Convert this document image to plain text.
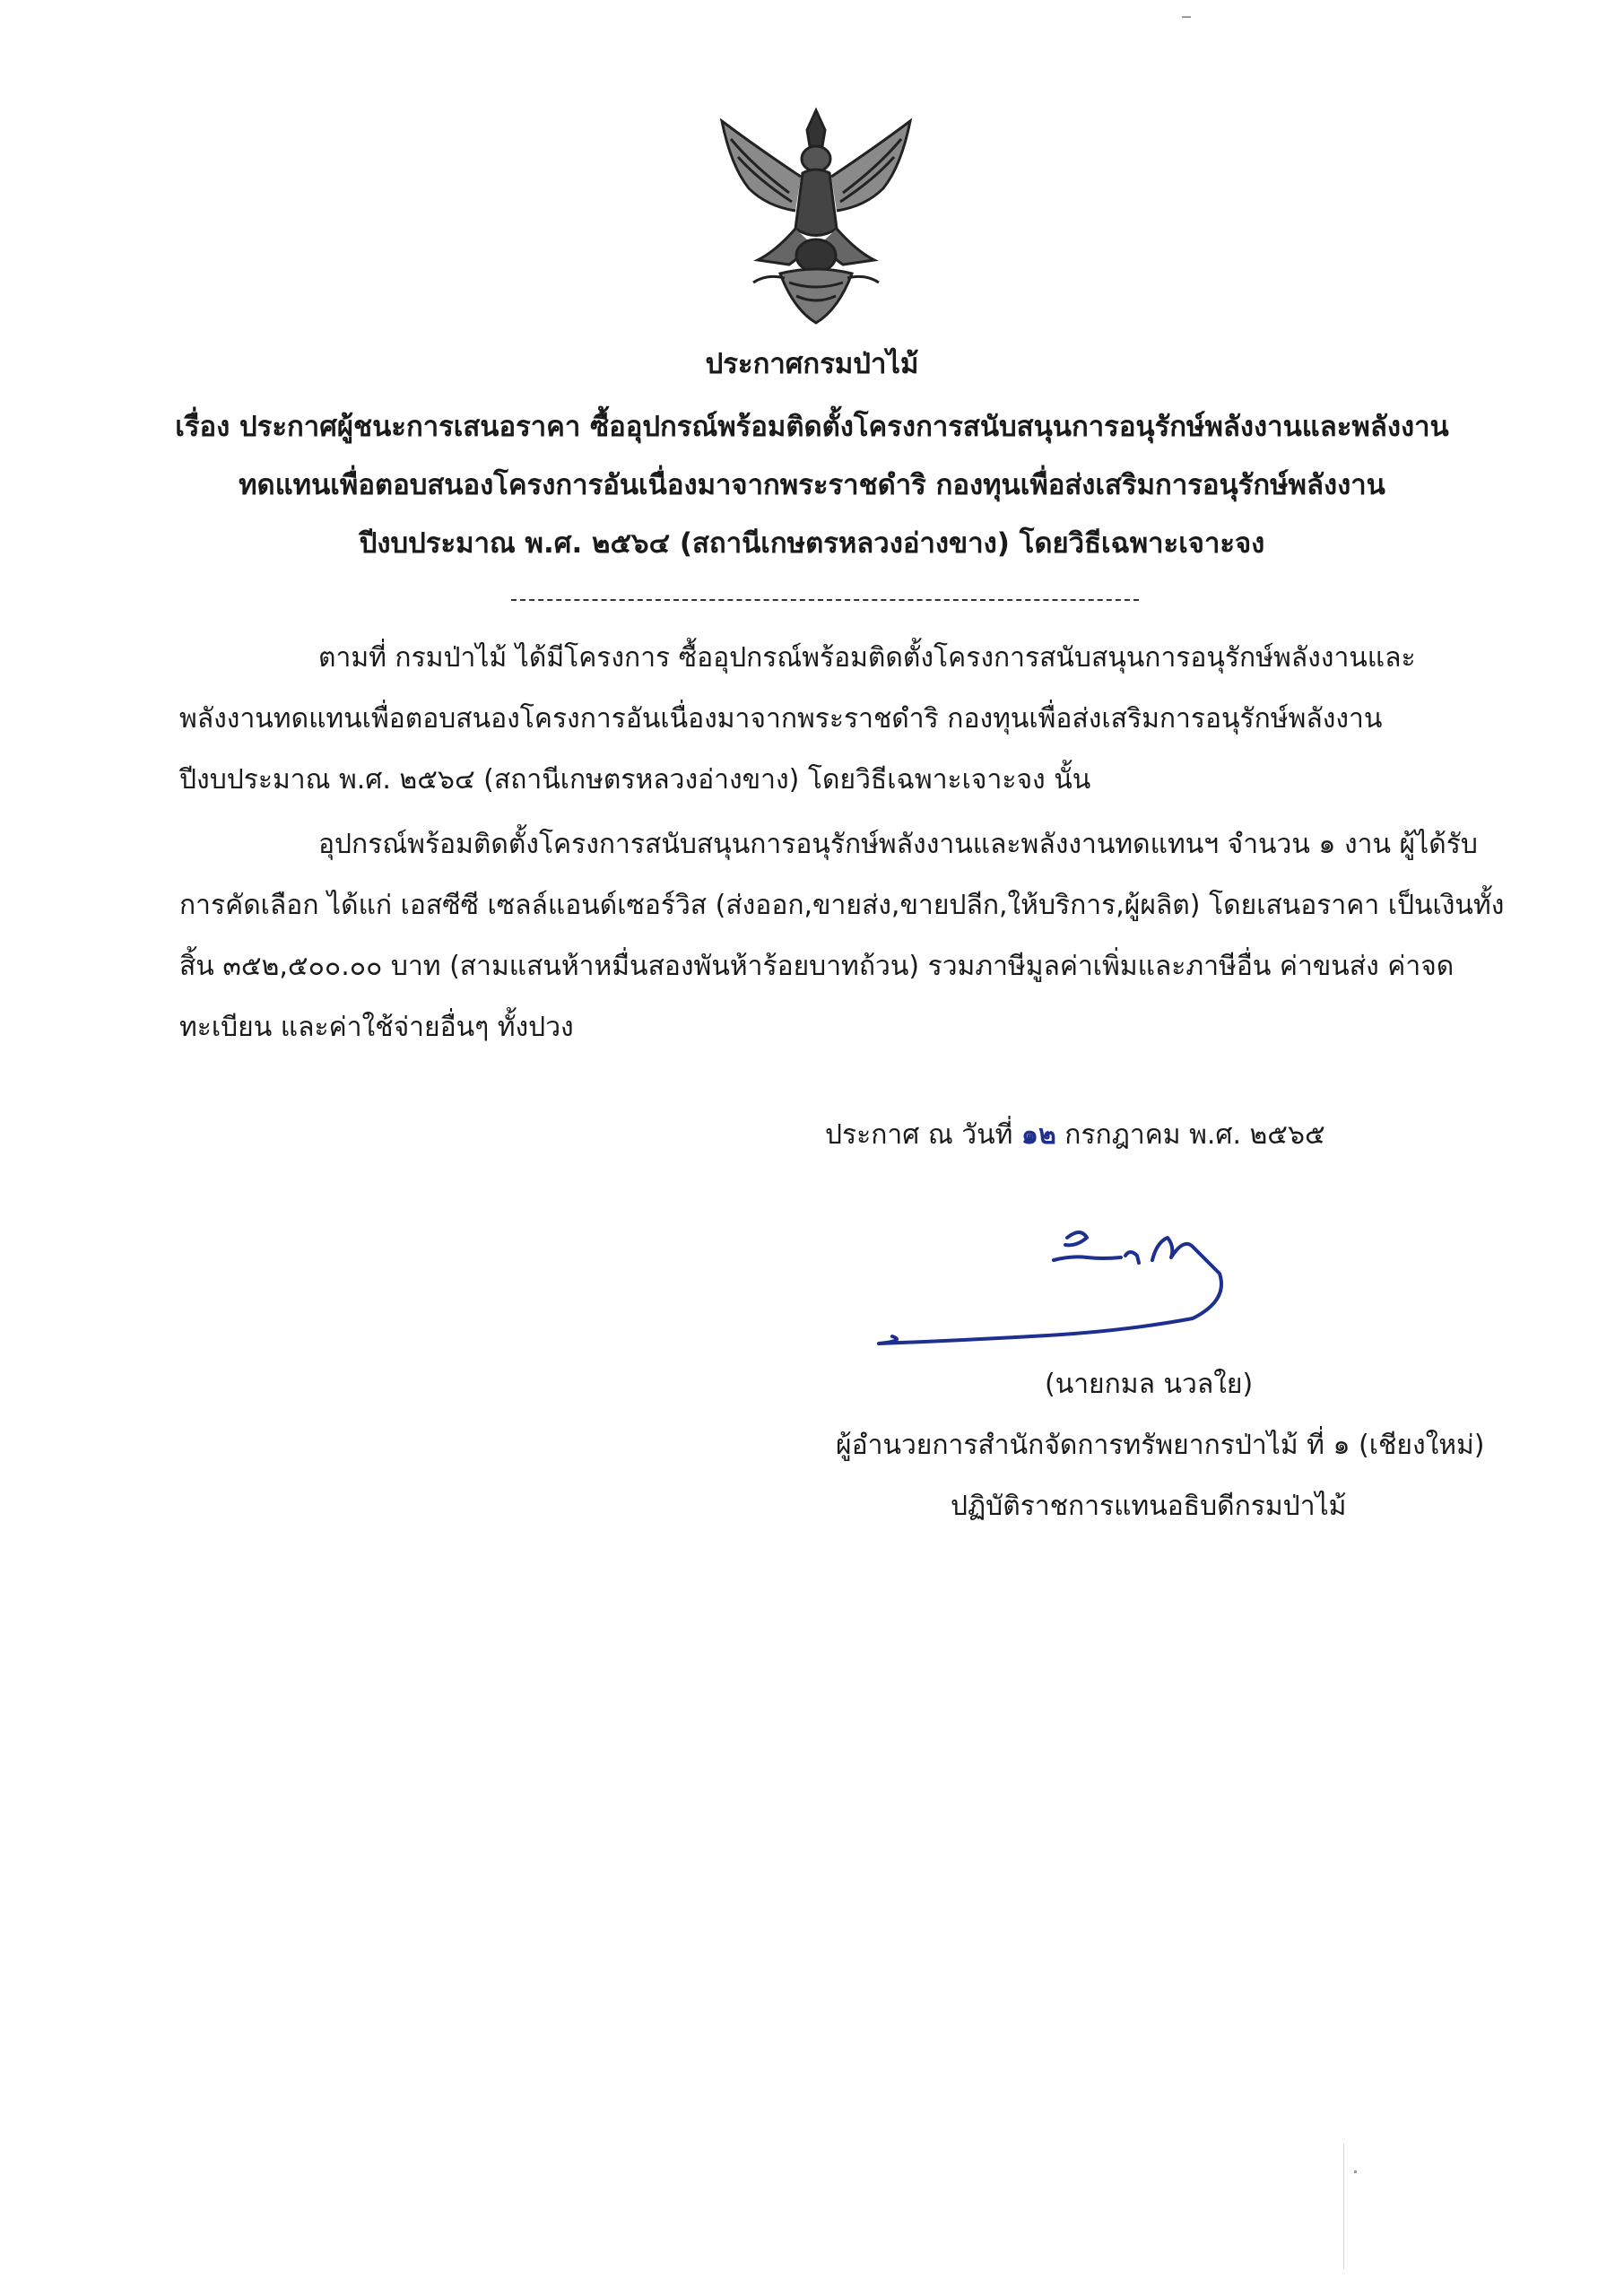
ประกาศกรมป่าไม้
เรื่อง ประกาศผู้ชนะการเสนอราคา ซื้ออุปกรณ์พร้อมติดตั้งโครงการสนับสนุนการอนุรักษ์พลังงานและพลังงาน
ทดแทนเพื่อตอบสนองโครงการอันเนื่องมาจากพระราชดำริ กองทุนเพื่อส่งเสริมการอนุรักษ์พลังงาน
ปีงบประมาณ พ.ศ. ๒๕๖๔ (สถานีเกษตรหลวงอ่างขาง) โดยวิธีเฉพาะเจาะจง
ตามที่ กรมป่าไม้ ได้มีโครงการ ซื้ออุปกรณ์พร้อมติดตั้งโครงการสนับสนุนการอนุรักษ์พลังงานและ
พลังงานทดแทนเพื่อตอบสนองโครงการอันเนื่องมาจากพระราชดำริ กองทุนเพื่อส่งเสริมการอนุรักษ์พลังงาน
ปีงบประมาณ พ.ศ. ๒๕๖๔ (สถานีเกษตรหลวงอ่างขาง) โดยวิธีเฉพาะเจาะจง นั้น
อุปกรณ์พร้อมติดตั้งโครงการสนับสนุนการอนุรักษ์พลังงานและพลังงานทดแทนฯ จำนวน ๑ งาน ผู้ได้รับ
การคัดเลือก ได้แก่ เอสซีซี เซลล์แอนด์เซอร์วิส (ส่งออก,ขายส่ง,ขายปลีก,ให้บริการ,ผู้ผลิต) โดยเสนอราคา เป็นเงินทั้ง
สิ้น ๓๕๒,๕๐๐.๐๐ บาท (สามแสนห้าหมื่นสองพันห้าร้อยบาทถ้วน) รวมภาษีมูลค่าเพิ่มและภาษีอื่น ค่าขนส่ง ค่าจด
ทะเบียน และค่าใช้จ่ายอื่นๆ ทั้งปวง
ประกาศ ณ วันที่ ๑๒ กรกฎาคม พ.ศ. ๒๕๖๕
(นายกมล นวลใย)
ผู้อำนวยการสำนักจัดการทรัพยากรป่าไม้ ที่ ๑ (เชียงใหม่)
ปฏิบัติราชการแทนอธิบดีกรมป่าไม้
